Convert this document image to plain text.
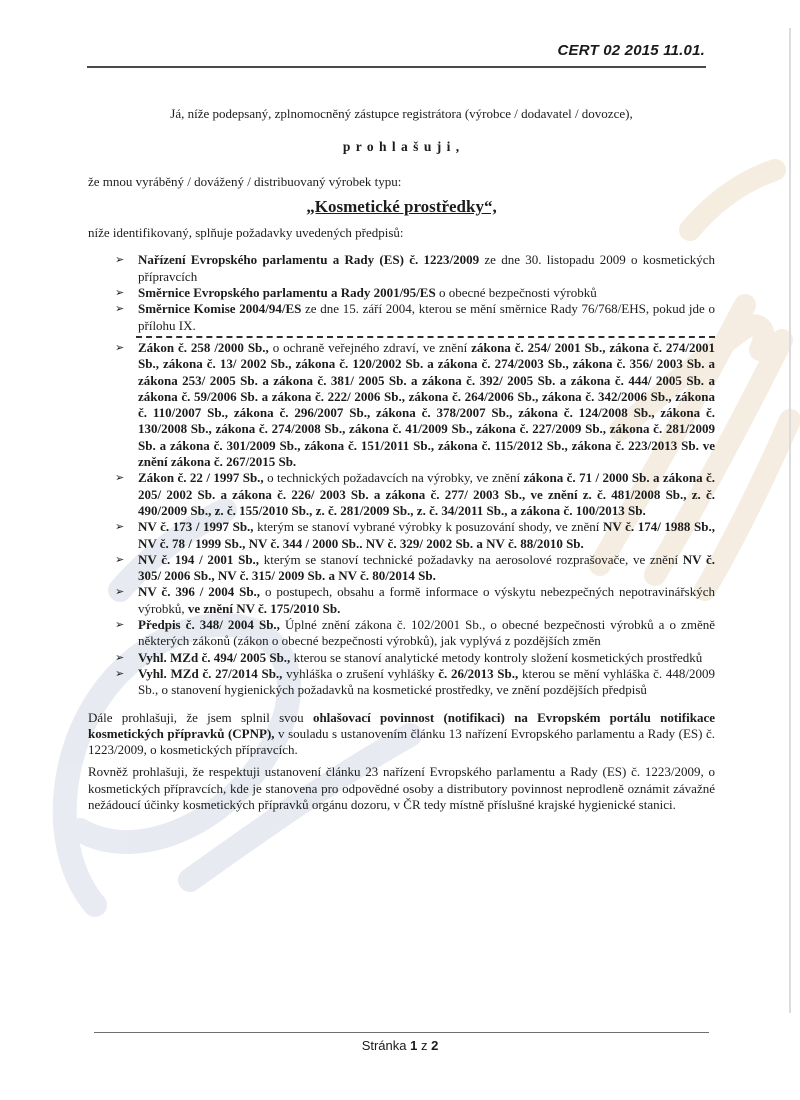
CERT 02 2015 11.01.
Já, níže podepsaný, zplnomocněný zástupce registrátora (výrobce / dodavatel / dovozce),
p r o h l a š u j i ,
že mnou vyráběný / dovážený / distribuovaný výrobek typu:
„Kosmetické prostředky“,
níže identifikovaný, splňuje požadavky uvedených předpisů:
➢ Nařízení Evropského parlamentu a Rady (ES) č. 1223/2009 ze dne 30. listopadu 2009 o kosmetických přípravcích
➢ Směrnice Evropského parlamentu a Rady 2001/95/ES o obecné bezpečnosti výrobků
➢ Směrnice Komise 2004/94/ES ze dne 15. září 2004, kterou se mění směrnice Rady 76/768/EHS, pokud jde o přílohu IX.
➢ Zákon č. 258 /2000 Sb., o ochraně veřejného zdraví, ve znění zákona č. 254/ 2001 Sb., zákona č. 274/2001 Sb., zákona č. 13/ 2002 Sb., zákona č. 120/2002 Sb. a zákona č. 274/2003 Sb., zákona č. 356/ 2003 Sb. a zákona 253/ 2005 Sb. a zákona č. 381/ 2005 Sb. a zákona č. 392/ 2005 Sb. a zákona č. 444/ 2005 Sb. a zákona č. 59/2006 Sb. a zákona č. 222/ 2006 Sb., zákona č. 264/2006 Sb., zákona č. 342/2006 Sb., zákona č. 110/2007 Sb., zákona č. 296/2007 Sb., zákona č. 378/2007 Sb., zákona č. 124/2008 Sb., zákona č. 130/2008 Sb., zákona č. 274/2008 Sb., zákona č. 41/2009 Sb., zákona č. 227/2009 Sb., zákona č. 281/2009 Sb. a zákona č. 301/2009 Sb., zákona č. 151/2011 Sb., zákona č. 115/2012 Sb., zákona č. 223/2013 Sb. ve znění zákona č. 267/2015 Sb.
➢ Zákon č. 22 / 1997 Sb., o technických požadavcích na výrobky, ve znění zákona č. 71 / 2000 Sb. a zákona č. 205/ 2002 Sb. a zákona č. 226/ 2003 Sb. a zákona č. 277/ 2003 Sb., ve znění z. č. 481/2008 Sb., z. č. 490/2009 Sb., z. č. 155/2010 Sb., z. č. 281/2009 Sb., z. č. 34/2011 Sb., a zákona č. 100/2013 Sb.
➢ NV č. 173 / 1997 Sb., kterým se stanoví vybrané výrobky k posuzování shody, ve znění NV č. 174/ 1988 Sb., NV č. 78 / 1999 Sb., NV č. 344 / 2000 Sb.. NV č. 329/ 2002 Sb. a NV č. 88/2010 Sb.
➢ NV č. 194 / 2001 Sb., kterým se stanoví technické požadavky na aerosolové rozprašovače, ve znění NV č. 305/ 2006 Sb., NV č. 315/ 2009 Sb. a NV č. 80/2014 Sb.
➢ NV č. 396 / 2004 Sb., o postupech, obsahu a formě informace o výskytu nebezpečných nepotravinářských výrobků, ve znění NV č. 175/2010 Sb.
➢ Předpis č. 348/ 2004 Sb., Úplné znění zákona č. 102/2001 Sb., o obecné bezpečnosti výrobků a o změně některých zákonů (zákon o obecné bezpečnosti výrobků), jak vyplývá z pozdějších změn
➢ Vyhl. MZd č. 494/ 2005 Sb., kterou se stanoví analytické metody kontroly složení kosmetických prostředků
➢ Vyhl. MZd č. 27/2014 Sb., vyhláška o zrušení vyhlášky č. 26/2013 Sb., kterou se mění vyhláška č. 448/2009 Sb., o stanovení hygienických požadavků na kosmetické prostředky, ve znění pozdějších předpisů

Dále prohlašuji, že jsem splnil svou ohlašovací povinnost (notifikaci) na Evropském portálu notifikace kosmetických přípravků (CPNP), v souladu s ustanovením článku 13 nařízení Evropského parlamentu a Rady (ES) č. 1223/2009, o kosmetických přípravcích.

Rovněž prohlašuji, že respektuji ustanovení článku 23 nařízení Evropského parlamentu a Rady (ES) č. 1223/2009, o kosmetických přípravcích, kde je stanovena pro odpovědné osoby a distributory povinnost neprodleně oznámit závažné nežádoucí účinky kosmetických přípravků orgánu dozoru, v ČR tedy místně příslušné krajské hygienické stanici.

Stránka 1 z 2
